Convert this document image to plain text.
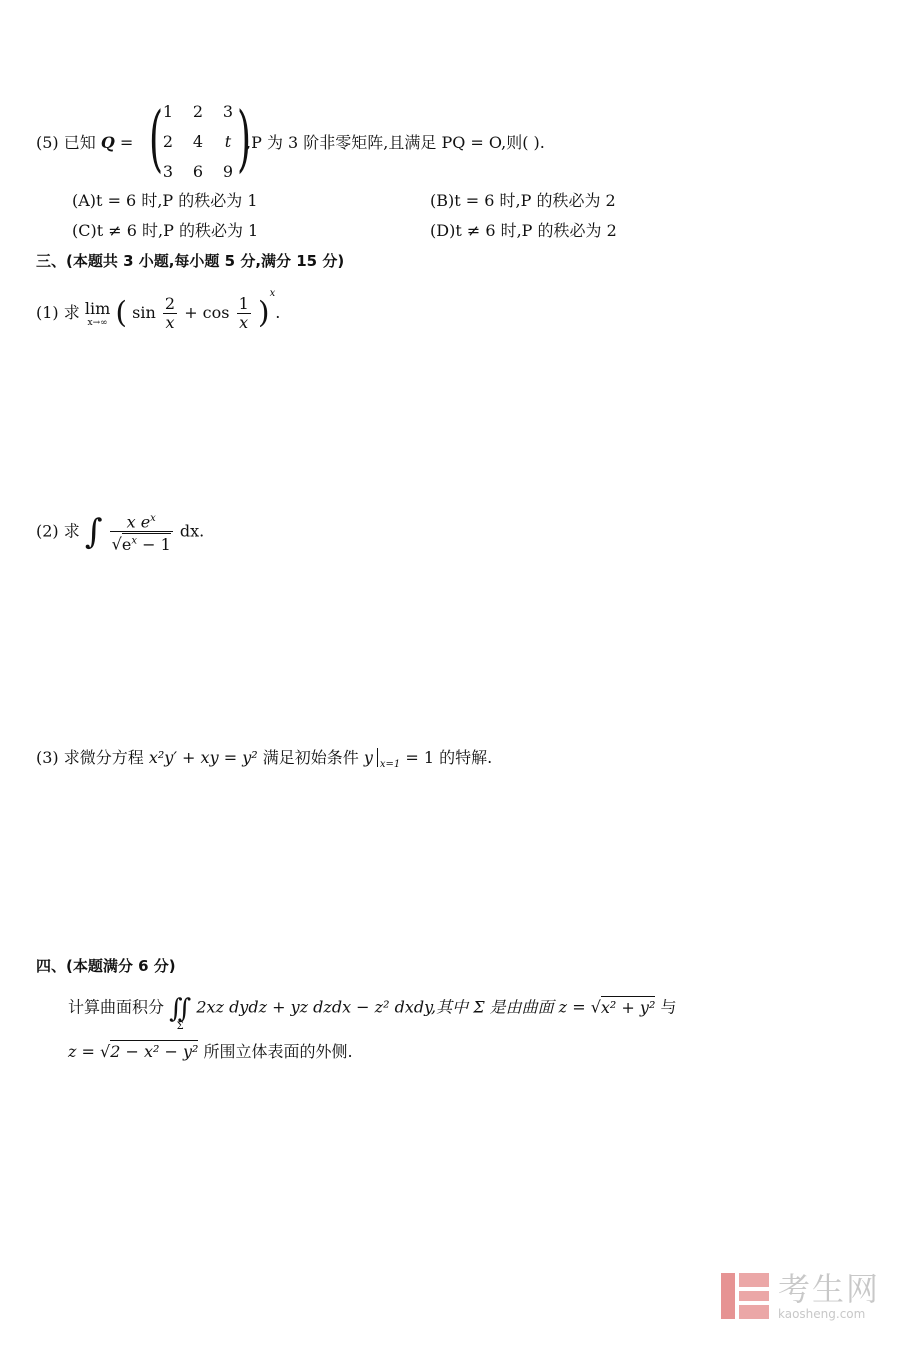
(5) 已知 Q = ( 1	2	3
2	4	t
3	6	9 )
,P 为 3 阶非零矩阵,且满足 PQ = O,则( ).
(A)t = 6 时,P 的秩必为 1	(B)t = 6 时,P 的秩必为 2
(C)t ≠ 6 时,P 的秩必为 1	(D)t ≠ 6 时,P 的秩必为 2
三、(本题共 3 小题,每小题 5 分,满分 15 分)
(1) 求 lim
x→∞ ( $\sin \frac{2}{x} + \cos \frac{1}{x} )^x$.
(2) 求 ∫ $\frac{x e^x}{√e^x - 1}$ dx.
(3) 求微分方程 x²y′ + xy = y² 满足初始条件 y $_{x=1}$ = 1 的特解.
四、(本题满分 6 分)
计算曲面积分 ∬
Σ
2xz dydz + yz dzdx − z² dxdy,其中 Σ 是由曲面 z = √x² + y² 与
z = √2 − x² − y² 所围立体表面的外侧.
考生网
kaosheng.com
